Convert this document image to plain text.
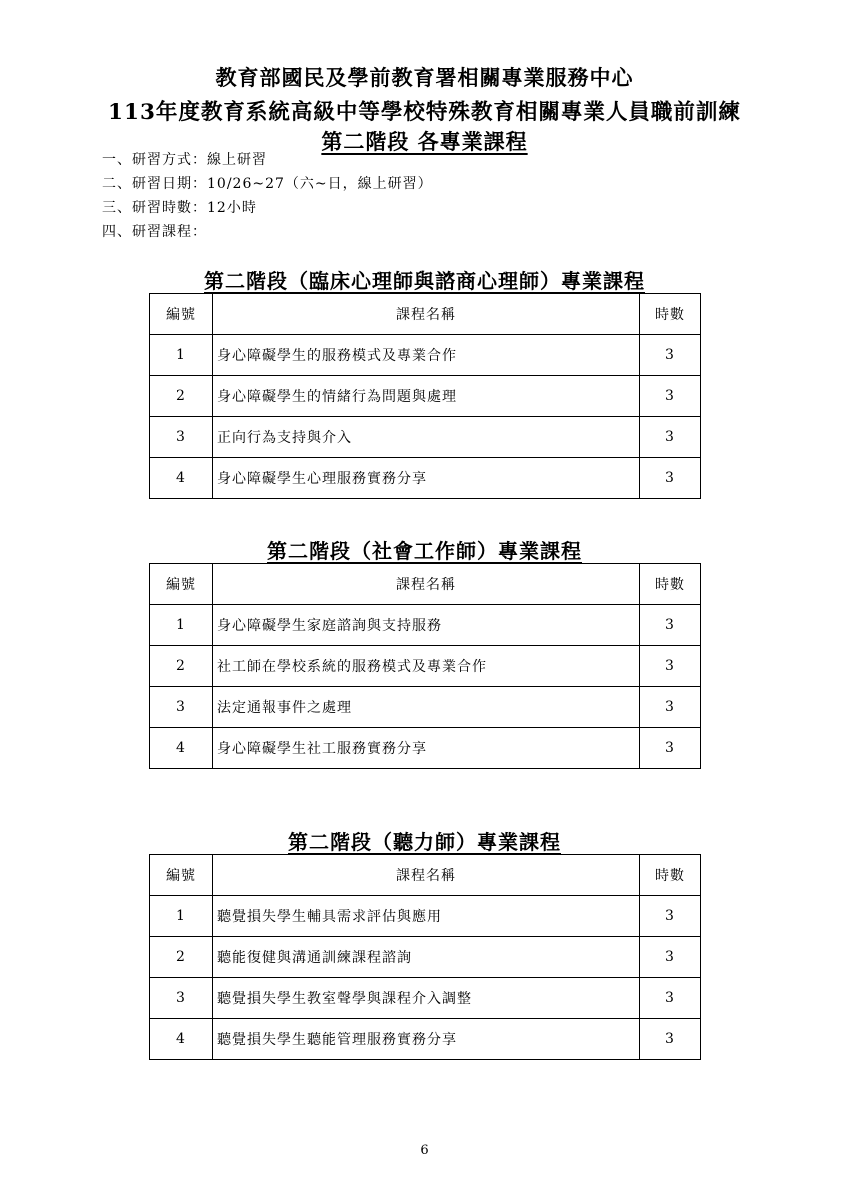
教育部國民及學前教育署相關專業服務中心
113年度教育系統高級中等學校特殊教育相關專業人員職前訓練
第二階段 各專業課程
一、研習方式：線上研習
二、研習日期：10/26~27（六~日，線上研習）
三、研習時數：12小時
四、研習課程：
第二階段（臨床心理師與諮商心理師）專業課程
編號	課程名稱	時數
1	身心障礙學生的服務模式及專業合作	3
2	身心障礙學生的情緒行為問題與處理	3
3	正向行為支持與介入	3
4	身心障礙學生心理服務實務分享	3
第二階段（社會工作師）專業課程
編號	課程名稱	時數
1	身心障礙學生家庭諮詢與支持服務	3
2	社工師在學校系統的服務模式及專業合作	3
3	法定通報事件之處理	3
4	身心障礙學生社工服務實務分享	3
第二階段（聽力師）專業課程
編號	課程名稱	時數
1	聽覺損失學生輔具需求評估與應用	3
2	聽能復健與溝通訓練課程諮詢	3
3	聽覺損失學生教室聲學與課程介入調整	3
4	聽覺損失學生聽能管理服務實務分享	3
6
